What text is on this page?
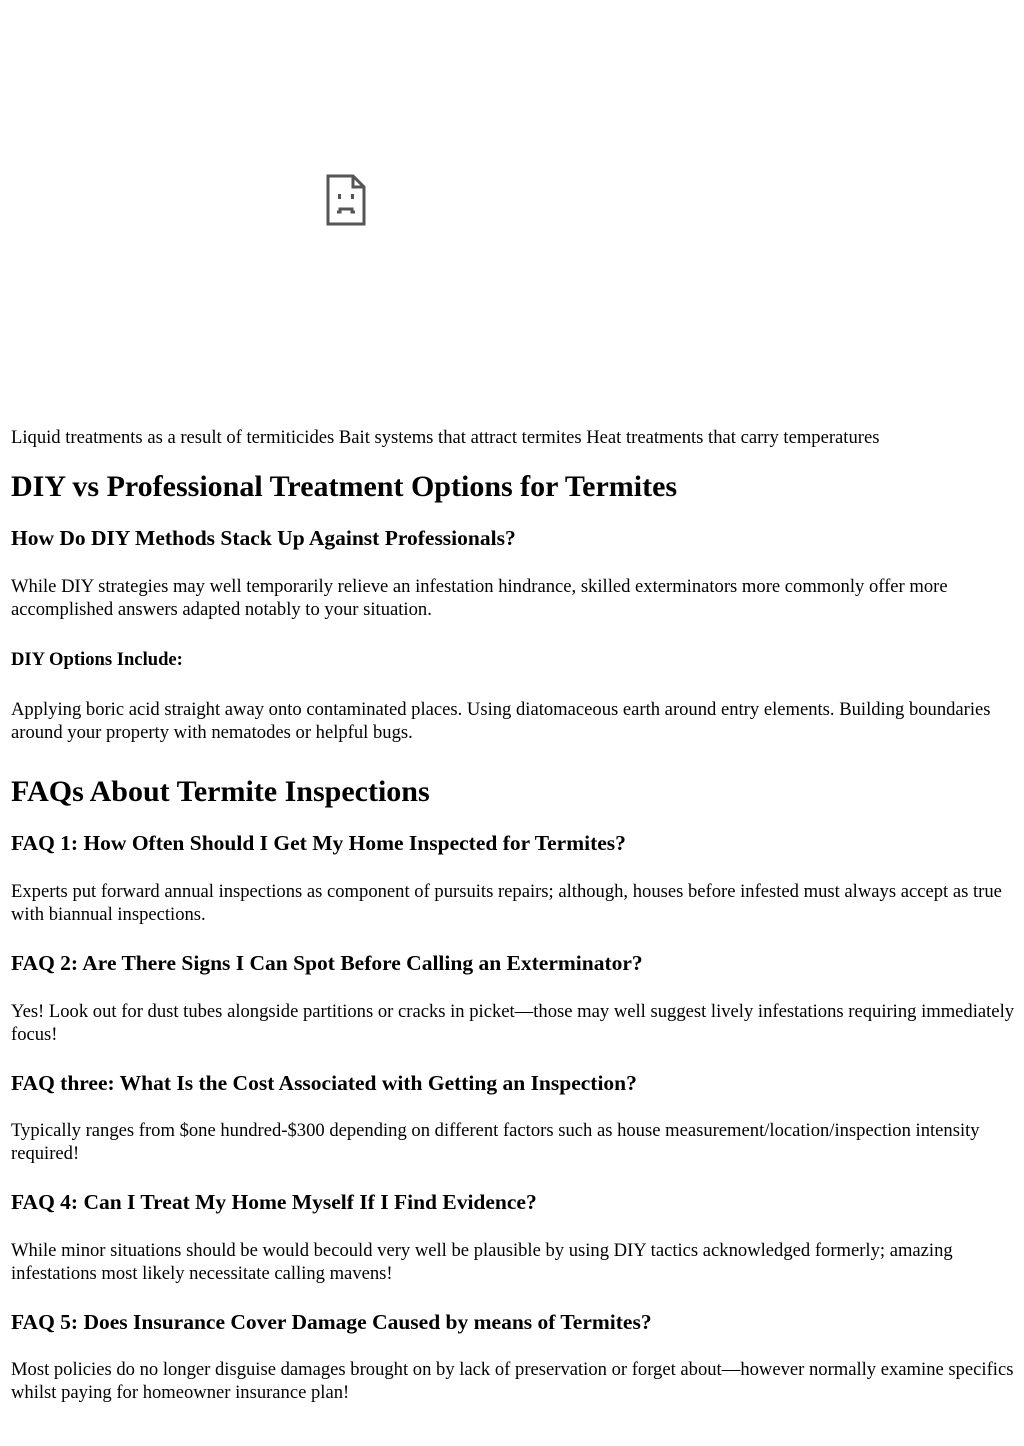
Liquid treatments as a result of termiticides Bait systems that attract termites Heat treatments that carry temperatures

DIY vs Professional Treatment Options for Termites
How Do DIY Methods Stack Up Against Professionals?

While DIY strategies may well temporarily relieve an infestation hindrance, skilled exterminators more commonly offer more accomplished answers adapted notably to your situation.

DIY Options Include:

Applying boric acid straight away onto contaminated places. Using diatomaceous earth around entry elements. Building boundaries around your property with nematodes or helpful bugs.

FAQs About Termite Inspections
FAQ 1: How Often Should I Get My Home Inspected for Termites?

Experts put forward annual inspections as component of pursuits repairs; although, houses before infested must always accept as true with biannual inspections.

FAQ 2: Are There Signs I Can Spot Before Calling an Exterminator?

Yes! Look out for dust tubes alongside partitions or cracks in picket—those may well suggest lively infestations requiring immediately focus!

FAQ three: What Is the Cost Associated with Getting an Inspection?

Typically ranges from $one hundred-$300 depending on different factors such as house measurement/location/inspection intensity required!

FAQ 4: Can I Treat My Home Myself If I Find Evidence?

While minor situations should be would becould very well be plausible by using DIY tactics acknowledged formerly; amazing infestations most likely necessitate calling mavens!

FAQ 5: Does Insurance Cover Damage Caused by means of Termites?

Most policies do no longer disguise damages brought on by lack of preservation or forget about—however normally examine specifics whilst paying for homeowner insurance plan!
